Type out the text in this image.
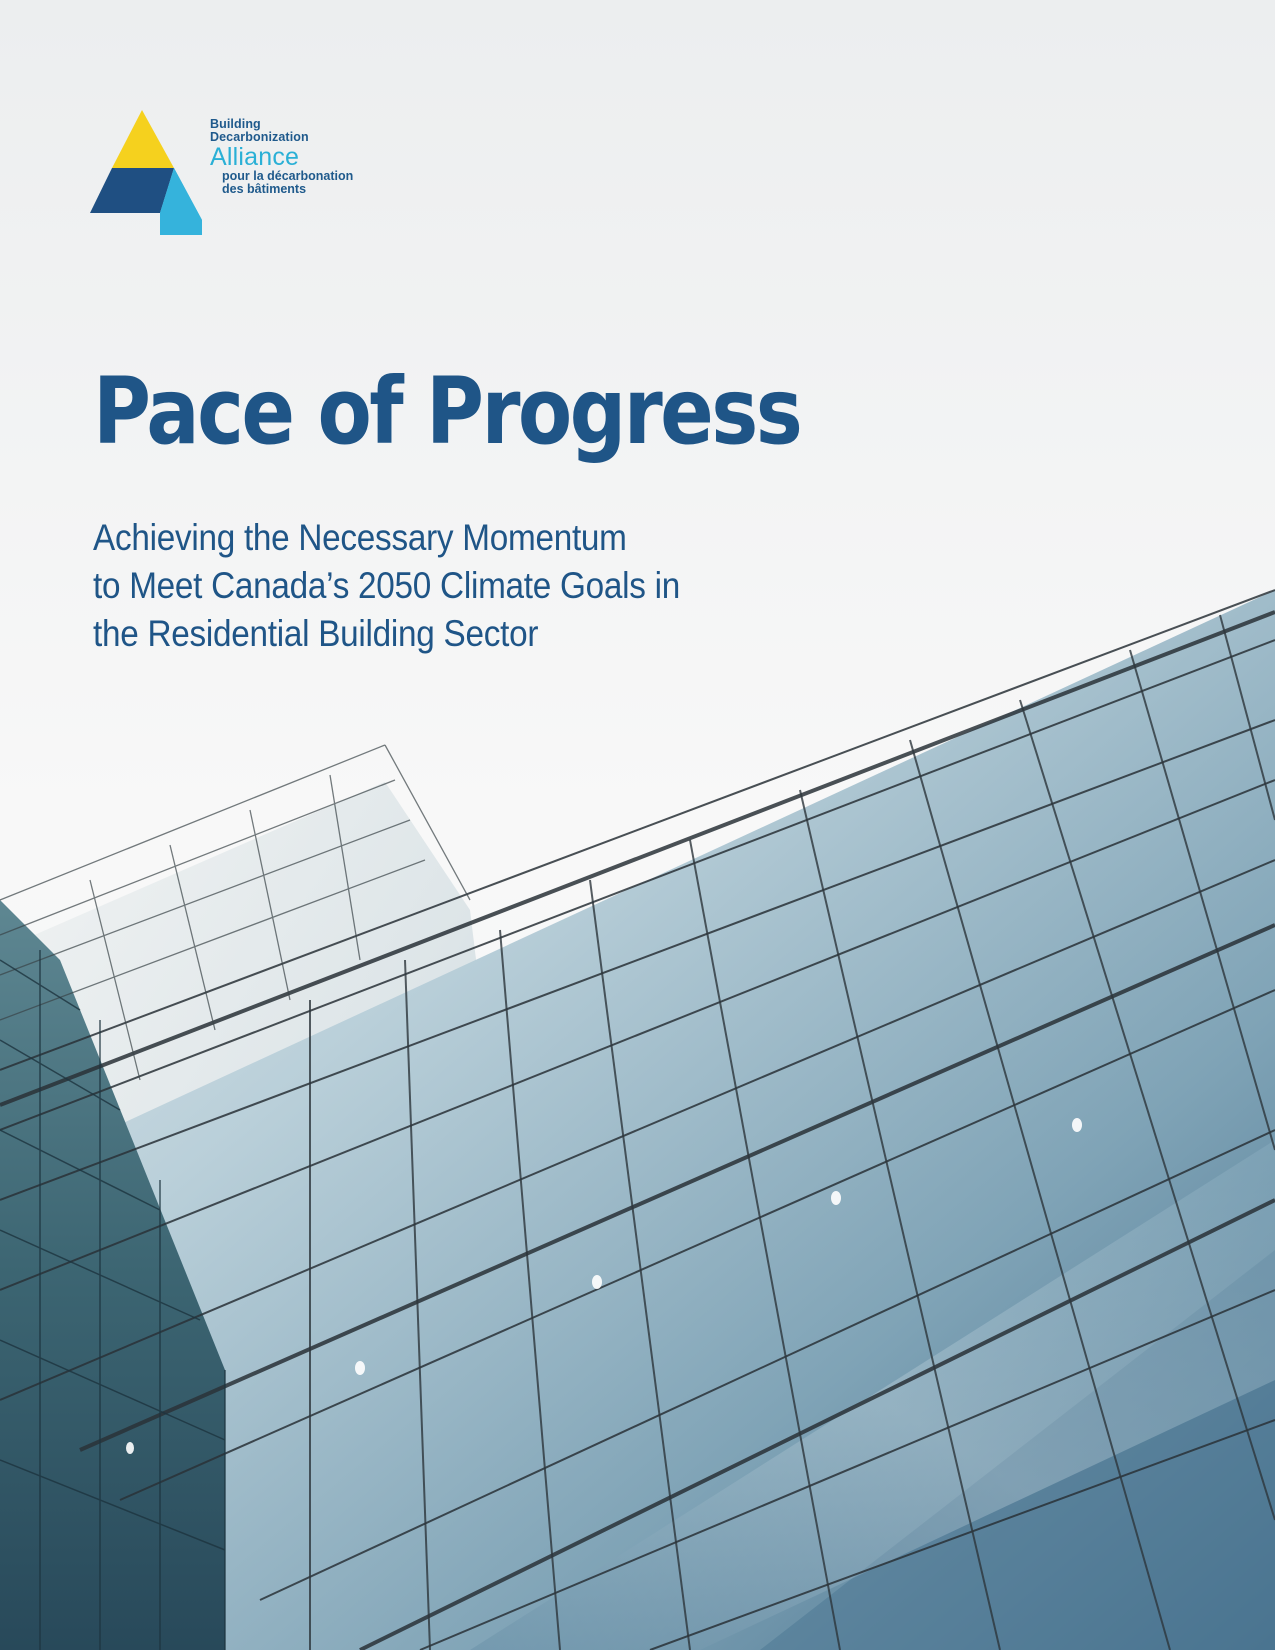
Building
Decarbonization
Alliance
pour la décarbonation
des bâtiments
Pace of Progress
Achieving the Necessary Momentum
to Meet Canada’s 2050 Climate Goals in
the Residential Building Sector
